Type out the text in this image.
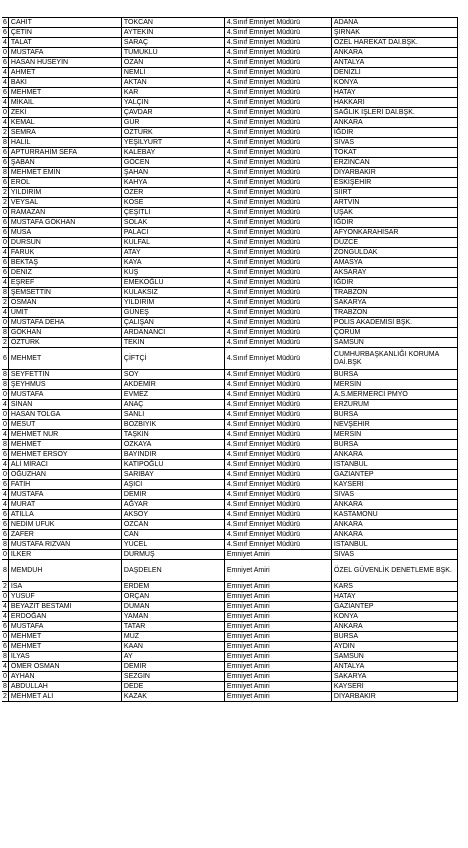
6	CAHİT	TOKCAN	4.Sınıf Emniyet Müdürü	ADANA
6	ÇETİN	AYTEKİN	4.Sınıf Emniyet Müdürü	ŞIRNAK
4	TALAT	SARAÇ	4.Sınıf Emniyet Müdürü	ÖZEL HAREKAT DAİ.BŞK.
0	MUSTAFA	TÜMÜKLÜ	4.Sınıf Emniyet Müdürü	ANKARA
6	HASAN HÜSEYİN	ÖZAN	4.Sınıf Emniyet Müdürü	ANTALYA
4	AHMET	NEMLİ	4.Sınıf Emniyet Müdürü	DENİZLİ
4	BAKİ	AKTAN	4.Sınıf Emniyet Müdürü	KONYA
6	MEHMET	KAR	4.Sınıf Emniyet Müdürü	HATAY
4	MİKAİL	YALÇIN	4.Sınıf Emniyet Müdürü	HAKKARİ
0	ZEKİ	ÇAVDAR	4.Sınıf Emniyet Müdürü	SAĞLIK İŞLERİ DAİ.BŞK.
4	KEMAL	GÜR	4.Sınıf Emniyet Müdürü	ANKARA
2	SEMRA	ÖZTÜRK	4.Sınıf Emniyet Müdürü	IĞDIR
8	HALİL	YEŞİLYURT	4.Sınıf Emniyet Müdürü	SİVAS
6	APTURRAHİM SEFA	KALEBAY	4.Sınıf Emniyet Müdürü	TOKAT
6	ŞABAN	GÖCEN	4.Sınıf Emniyet Müdürü	ERZİNCAN
8	MEHMET EMİN	ŞAHAN	4.Sınıf Emniyet Müdürü	DİYARBAKIR
6	EROL	KAHYA	4.Sınıf Emniyet Müdürü	ESKİŞEHİR
2	YILDIRIM	ÖZER	4.Sınıf Emniyet Müdürü	SİİRT
2	VEYSAL	KÖSE	4.Sınıf Emniyet Müdürü	ARTVİN
0	RAMAZAN	ÇEŞİTLİ	4.Sınıf Emniyet Müdürü	UŞAK
6	MUSTAFA GÖKHAN	SOLAK	4.Sınıf Emniyet Müdürü	IĞDIR
6	MUSA	PALACI	4.Sınıf Emniyet Müdürü	AFYONKARAHİSAR
0	DURSUN	KULFAL	4.Sınıf Emniyet Müdürü	DÜZCE
4	FARUK	ATAY	4.Sınıf Emniyet Müdürü	ZONGULDAK
6	BEKTAŞ	KAYA	4.Sınıf Emniyet Müdürü	AMASYA
6	DENİZ	KUŞ	4.Sınıf Emniyet Müdürü	AKSARAY
4	EŞREF	EMEKOĞLU	4.Sınıf Emniyet Müdürü	IĞDIR
8	ŞEMSETTİN	KULAKSIZ	4.Sınıf Emniyet Müdürü	TRABZON
2	OSMAN	YILDIRIM	4.Sınıf Emniyet Müdürü	SAKARYA
4	ÜMİT	GÜNEŞ	4.Sınıf Emniyet Müdürü	TRABZON
0	MUSTAFA DEHA	ÇALIŞAN	4.Sınıf Emniyet Müdürü	POLİS AKADEMİSİ BŞK.
8	GÖKHAN	ARDANANCI	4.Sınıf Emniyet Müdürü	ÇORUM
2	ÖZTÜRK	TEKİN	4.Sınıf Emniyet Müdürü	SAMSUN
6	MEHMET	ÇİFTÇİ	4.Sınıf Emniyet Müdürü	CUMHURBAŞKANLIĞI KORUMA DAİ.BŞK
8	SEYFETTİN	SOY	4.Sınıf Emniyet Müdürü	BURSA
8	ŞEYHMUS	AKDEMİR	4.Sınıf Emniyet Müdürü	MERSİN
0	MUSTAFA	EVMEZ	4.Sınıf Emniyet Müdürü	A.S.MERMERCİ PMYO
4	SİNAN	ANAÇ	4.Sınıf Emniyet Müdürü	ERZURUM
0	HASAN TOLGA	SANLI	4.Sınıf Emniyet Müdürü	BURSA
0	MESUT	BOZBIYIK	4.Sınıf Emniyet Müdürü	NEVŞEHİR
4	MEHMET NUR	TAŞKIN	4.Sınıf Emniyet Müdürü	MERSİN
8	MEHMET	ÖZKAYA	4.Sınıf Emniyet Müdürü	BURSA
6	MEHMET ERSOY	BAYINDIR	4.Sınıf Emniyet Müdürü	ANKARA
4	ALİ MİRACİ	KATİPOĞLU	4.Sınıf Emniyet Müdürü	İSTANBUL
0	OĞUZHAN	SARIBAY	4.Sınıf Emniyet Müdürü	GAZİANTEP
6	FATİH	AŞICI	4.Sınıf Emniyet Müdürü	KAYSERİ
4	MUSTAFA	DEMİR	4.Sınıf Emniyet Müdürü	SİVAS
4	MURAT	AĞYAR	4.Sınıf Emniyet Müdürü	ANKARA
6	ATİLLA	AKSOY	4.Sınıf Emniyet Müdürü	KASTAMONU
6	NEDİM UFUK	ÖZCAN	4.Sınıf Emniyet Müdürü	ANKARA
6	ZAFER	CAN	4.Sınıf Emniyet Müdürü	ANKARA
8	MUSTAFA RIZVAN	YÜCEL	4.Sınıf Emniyet Müdürü	İSTANBUL
0	İLKER	DURMUŞ	Emniyet Amiri	SİVAS
8	MEMDUH	DAŞDELEN	Emniyet Amiri	ÖZEL GÜVENLİK DENETLEME BŞK.
2	İSA	ERDEM	Emniyet Amiri	KARS
0	YUSUF	ORÇAN	Emniyet Amiri	HATAY
4	BEYAZIT BESTAMİ	DUMAN	Emniyet Amiri	GAZİANTEP
4	ERDOĞAN	YAMAN	Emniyet Amiri	KONYA
6	MUSTAFA	TATAR	Emniyet Amiri	ANKARA
0	MEHMET	MUZ	Emniyet Amiri	BURSA
6	MEHMET	KAAN	Emniyet Amiri	AYDIN
8	İLYAS	AY	Emniyet Amiri	SAMSUN
4	ÖMER OSMAN	DEMİR	Emniyet Amiri	ANTALYA
0	AYHAN	SEZGİN	Emniyet Amiri	SAKARYA
8	ABDULLAH	DEDE	Emniyet Amiri	KAYSERİ
2	MEHMET ALİ	KAZAK	Emniyet Amiri	DİYARBAKIR
